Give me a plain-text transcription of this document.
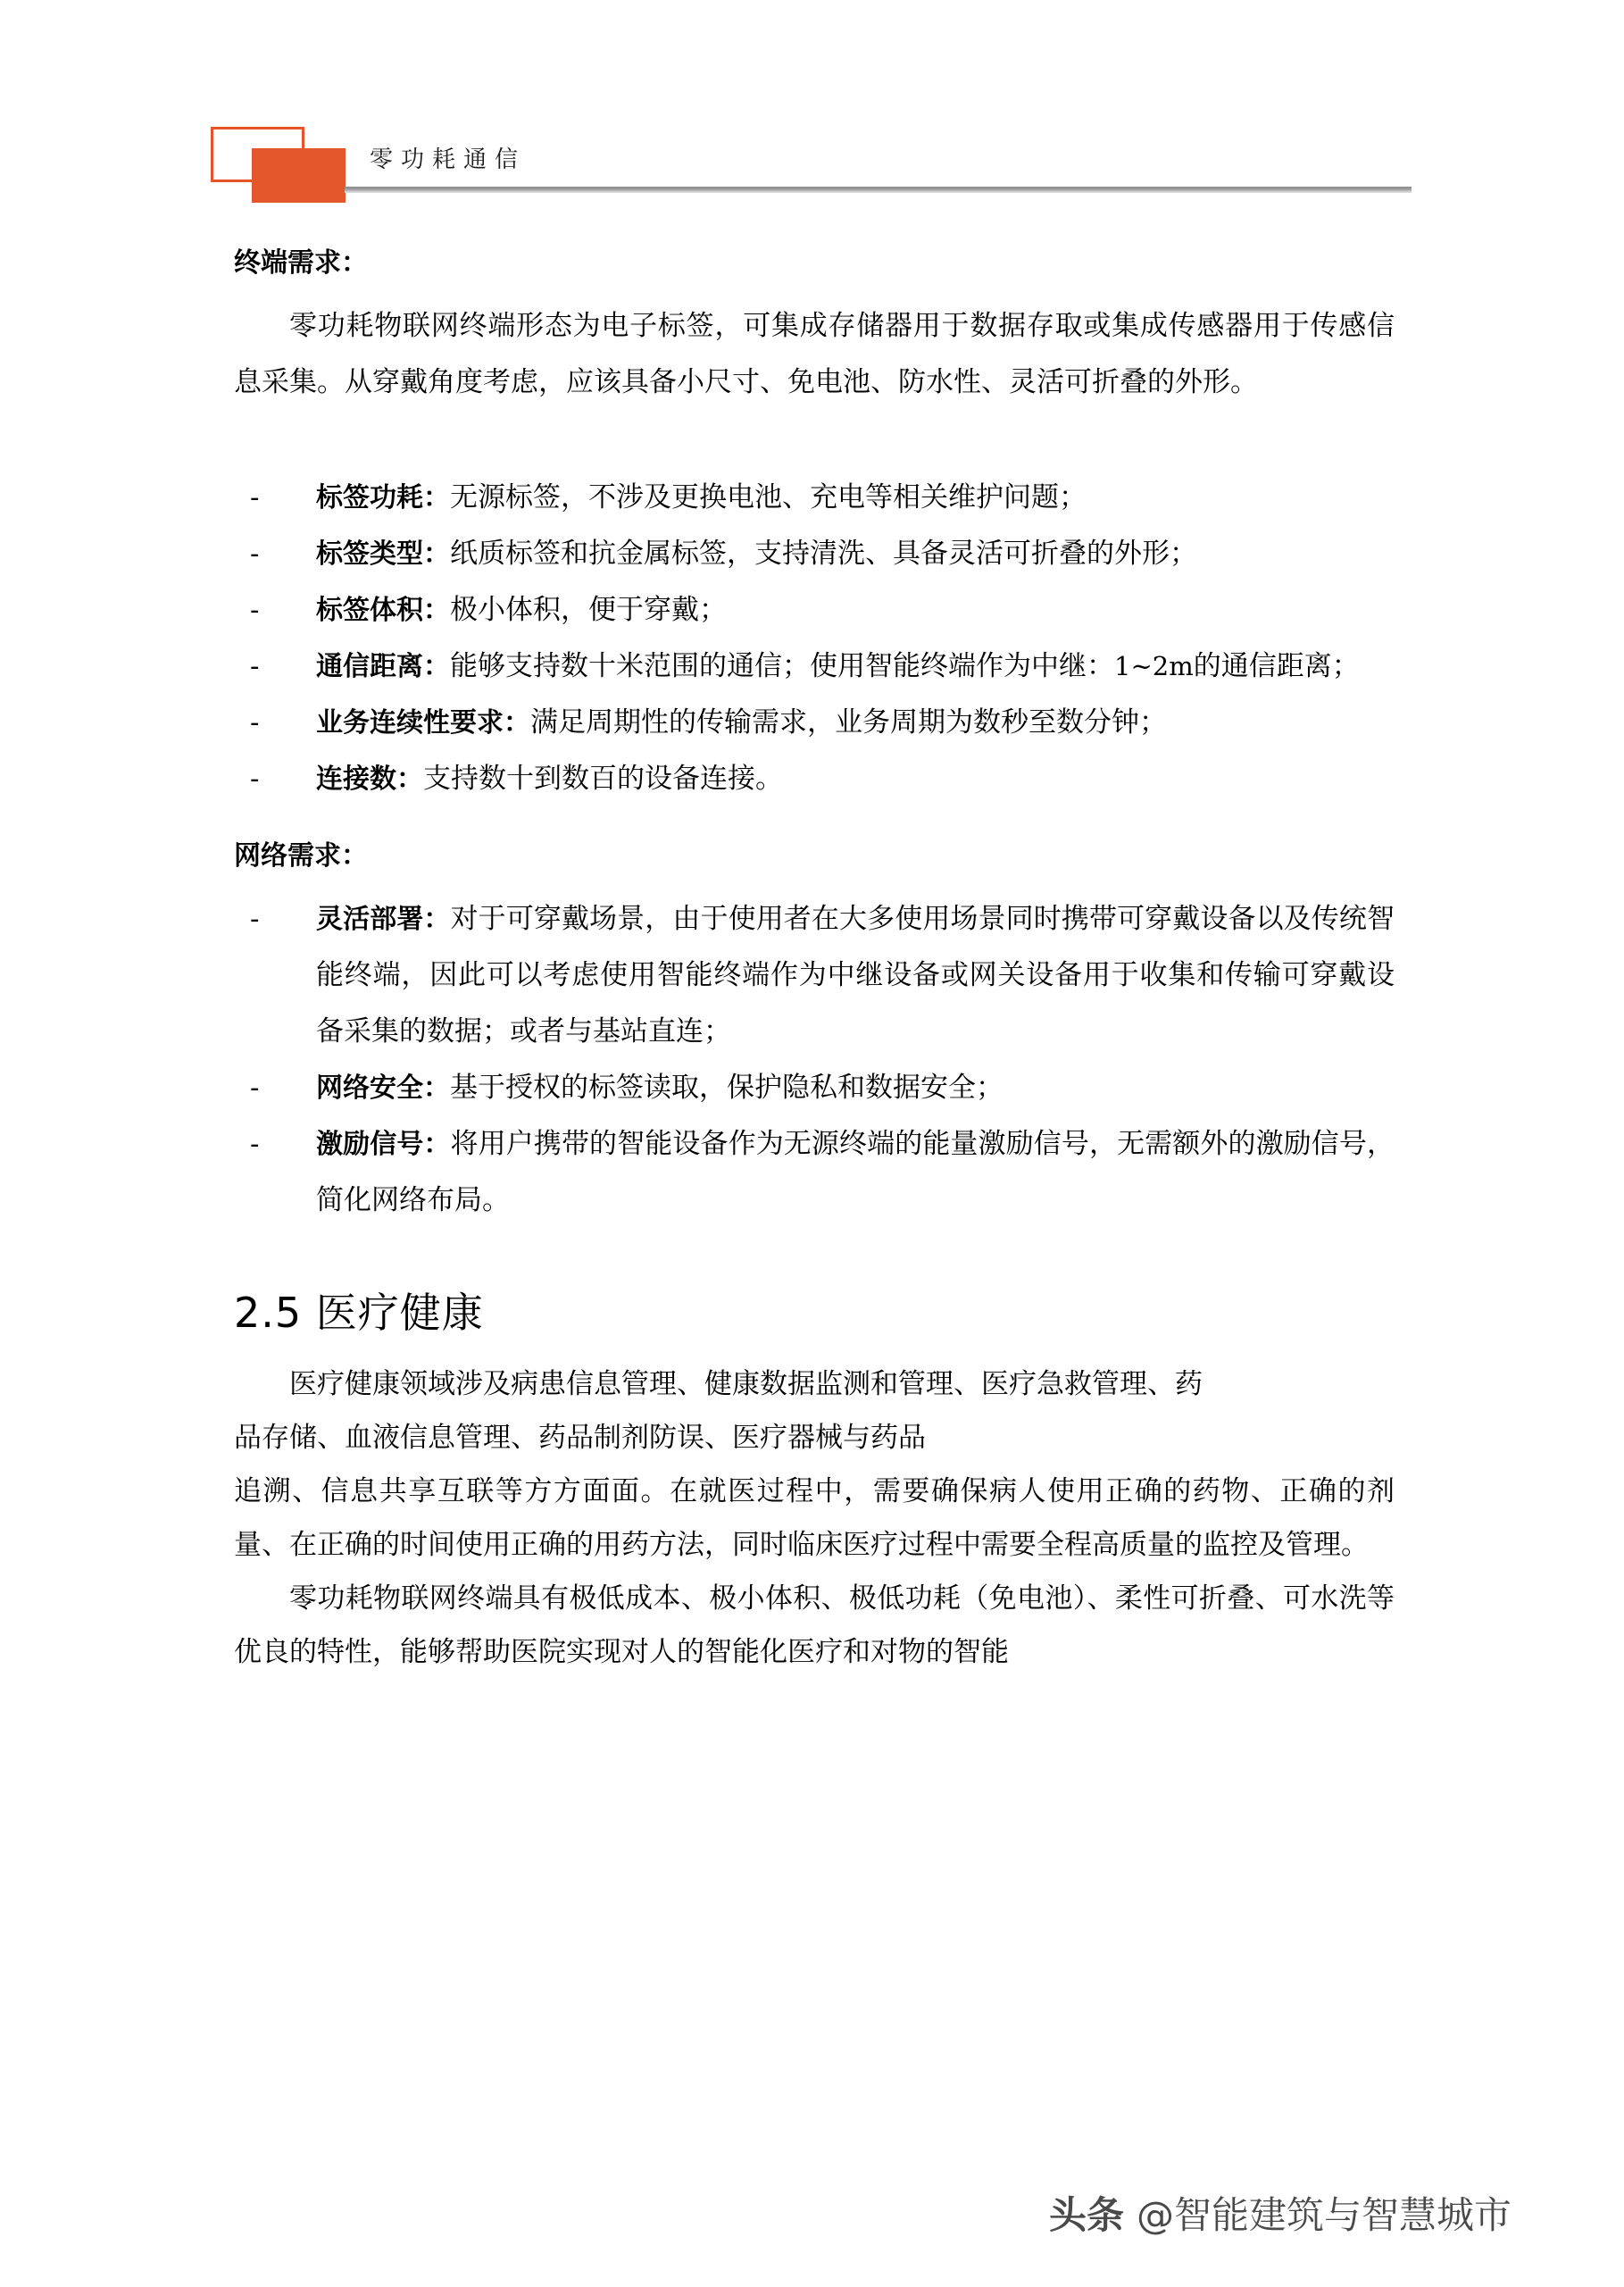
零功耗通信
终端需求：

零功耗物联网终端形态为电子标签，可集成存储器用于数据存取或集成传感器用于传感信息采集。从穿戴角度考虑，应该具备小尺寸、免电池、防水性、灵活可折叠的外形。

-	标签功耗：无源标签，不涉及更换电池、充电等相关维护问题；
-	标签类型：纸质标签和抗金属标签，支持清洗、具备灵活可折叠的外形；
-	标签体积：极小体积，便于穿戴；
-	通信距离：能够支持数十米范围的通信；使用智能终端作为中继：1~2m的通信距离；
-	业务连续性要求：满足周期性的传输需求，业务周期为数秒至数分钟；
-	连接数：支持数十到数百的设备连接。
网络需求：
-	灵活部署：对于可穿戴场景，由于使用者在大多使用场景同时携带可穿戴设备以及传统智能终端，因此可以考虑使用智能终端作为中继设备或网关设备用于收集和传输可穿戴设备采集的数据；或者与基站直连；
-	网络安全：基于授权的标签读取，保护隐私和数据安全；
-	激励信号：将用户携带的智能设备作为无源终端的能量激励信号，无需额外的激励信号，简化网络布局。
2.5 医疗健康

医疗健康领域涉及病患信息管理、健康数据监测和管理、医疗急救管理、药

品存储、血液信息管理、药品制剂防误、医疗器械与药品

追溯、信息共享互联等方方面面。在就医过程中，需要确保病人使用正确的药物、正确的剂量、在正确的时间使用正确的用药方法，同时临床医疗过程中需要全程高质量的监控及管理。

零功耗物联网终端具有极低成本、极小体积、极低功耗（免电池）、柔性可折叠、可水洗等优良的特性，能够帮助医院实现对人的智能化医疗和对物的智能

头条 @智能建筑与智慧城市
